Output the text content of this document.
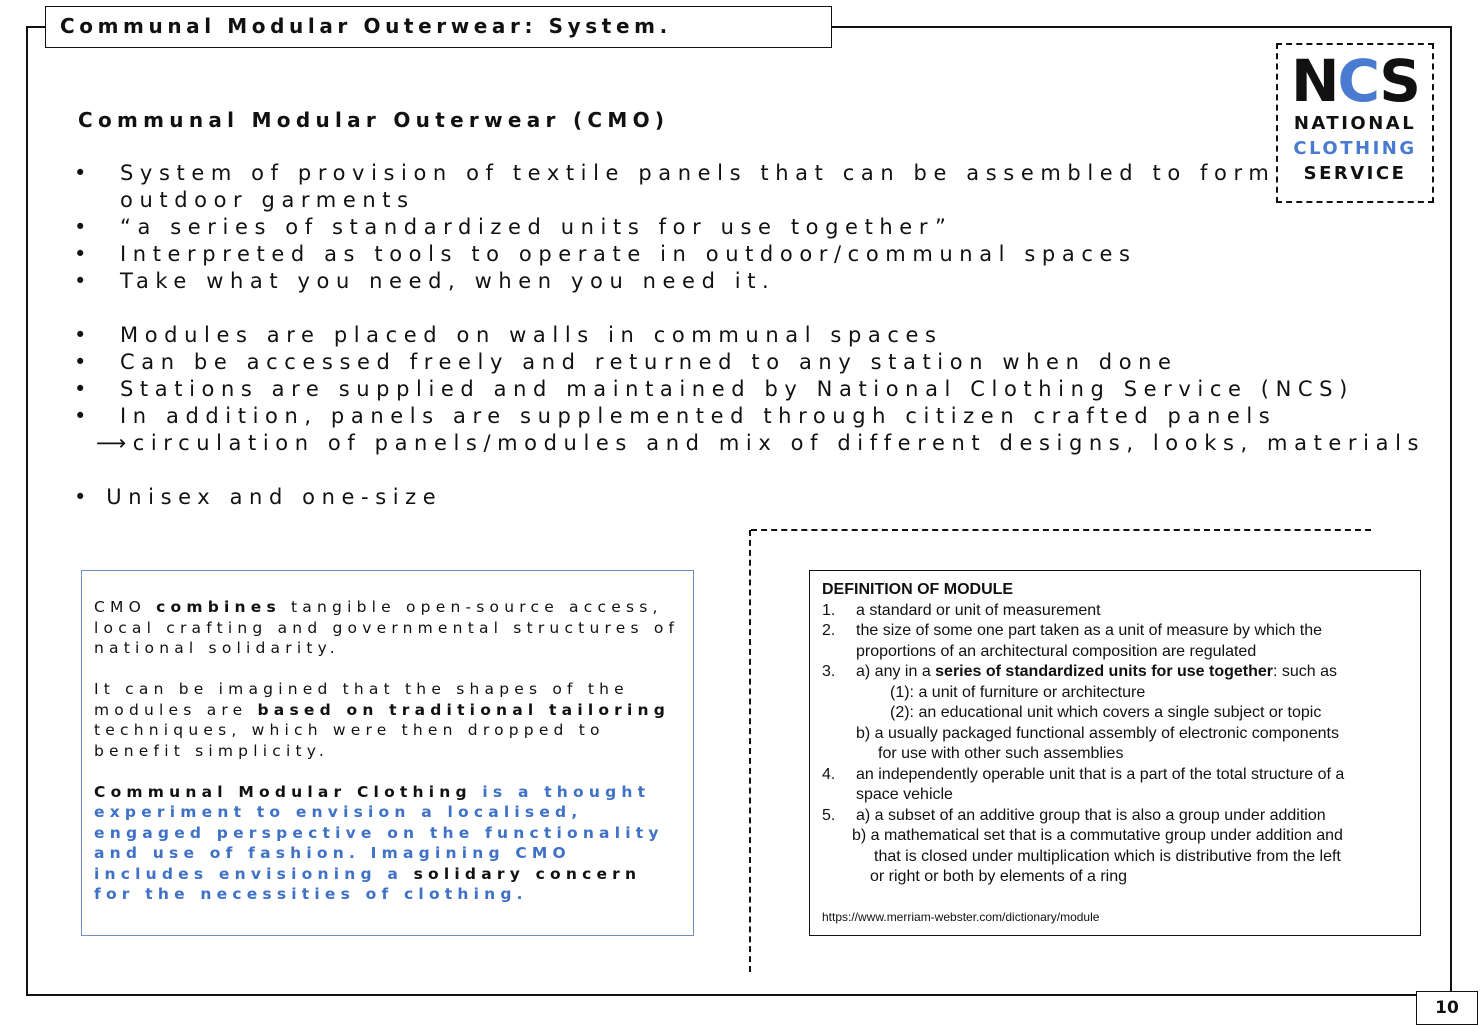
Communal Modular Outerwear: System.
NCS
NATIONAL
CLOTHING
SERVICE
Communal Modular Outerwear (CMO)
• System of provision of textile panels that can be assembled to form
outdoor garments
• “a series of standardized units for use together”
• Interpreted as tools to operate in outdoor/communal spaces
• Take what you need, when you need it.
• Modules are placed on walls in communal spaces
• Can be accessed freely and returned to any station when done
• Stations are supplied and maintained by National Clothing Service (NCS)
• In addition, panels are supplemented through citizen crafted panels
⟶circulation of panels/modules and mix of different designs, looks, materials
• Unisex and one-size

CMO combines tangible open-source access, local crafting and governmental structures of national solidarity.

It can be imagined that the shapes of the modules are based on traditional tailoring techniques, which were then dropped to benefit simplicity.

Communal Modular Clothing is a thought experiment to envision a localised, engaged perspective on the functionality and use of fashion. Imagining CMO includes envisioning a solidary concern for the necessities of clothing.

DEFINITION OF MODULE
1. a standard or unit of measurement
2. the size of some one part taken as a unit of measure by which the
proportions of an architectural composition are regulated
3. a) any in a series of standardized units for use together: such as
(1): a unit of furniture or architecture
(2): an educational unit which covers a single subject or topic
b) a usually packaged functional assembly of electronic components
for use with other such assemblies
4. an independently operable unit that is a part of the total structure of a
space vehicle
5. a) a subset of an additive group that is also a group under addition
b) a mathematical set that is a commutative group under addition and
that is closed under multiplication which is distributive from the left
or right or both by elements of a ring
https://www.merriam-webster.com/dictionary/module
10
